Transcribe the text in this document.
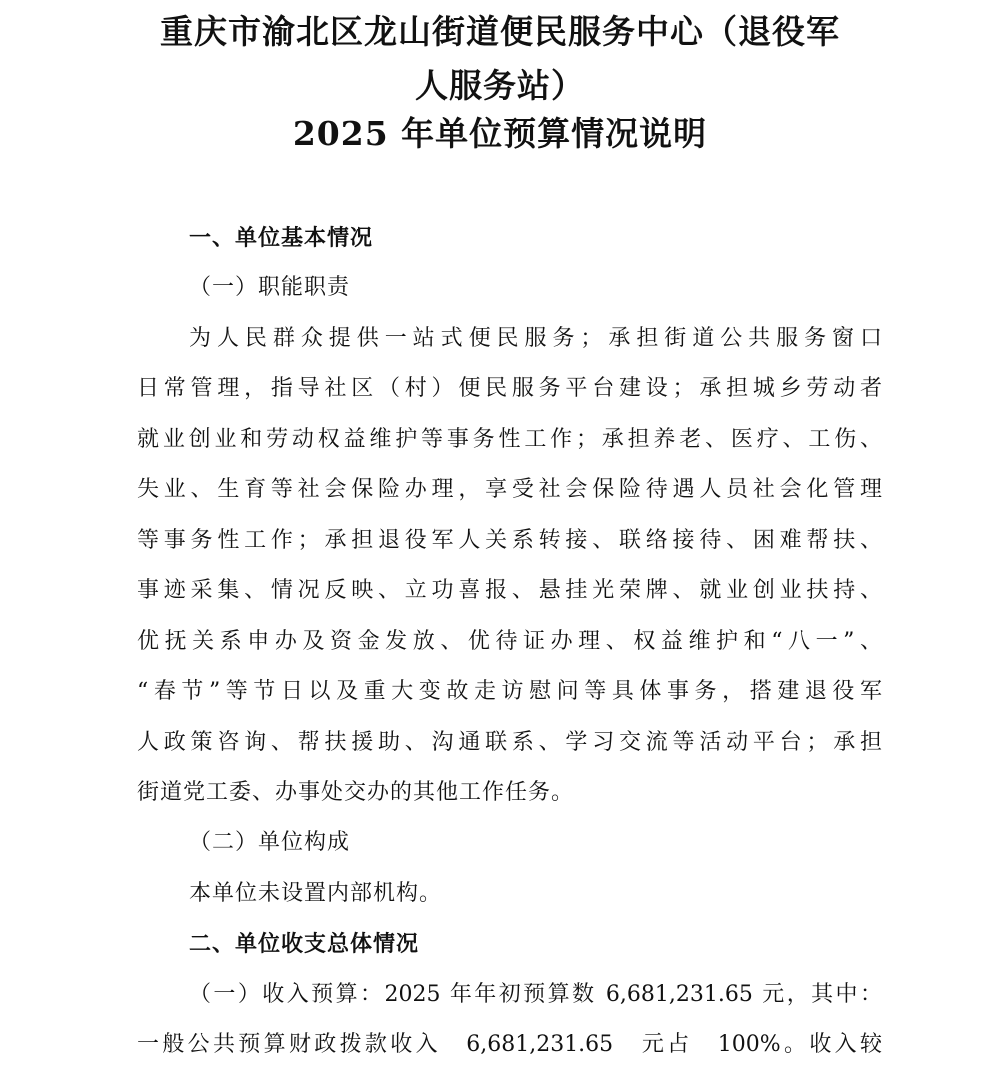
重庆市渝北区龙山街道便民服务中心（退役军
人服务站）
2025 年单位预算情况说明
一、单位基本情况
（一）职能职责
为人民群众提供一站式便民服务；承担街道公共服务窗口
日常管理，指导社区（村）便民服务平台建设；承担城乡劳动者
就业创业和劳动权益维护等事务性工作；承担养老、医疗、工伤、
失业、生育等社会保险办理，享受社会保险待遇人员社会化管理
等事务性工作；承担退役军人关系转接、联络接待、困难帮扶、
事迹采集、情况反映、立功喜报、悬挂光荣牌、就业创业扶持、
优抚关系申办及资金发放、优待证办理、权益维护和“八一”、
“春节”等节日以及重大变故走访慰问等具体事务，搭建退役军
人政策咨询、帮扶援助、沟通联系、学习交流等活动平台；承担
街道党工委、办事处交办的其他工作任务。
（二）单位构成
本单位未设置内部机构。
二、单位收支总体情况
（一）收入预算：2025 年年初预算数 6,681,231.65 元，其中：
一般公共预算财政拨款收入　6,681,231.65　元占　100%。收入较
